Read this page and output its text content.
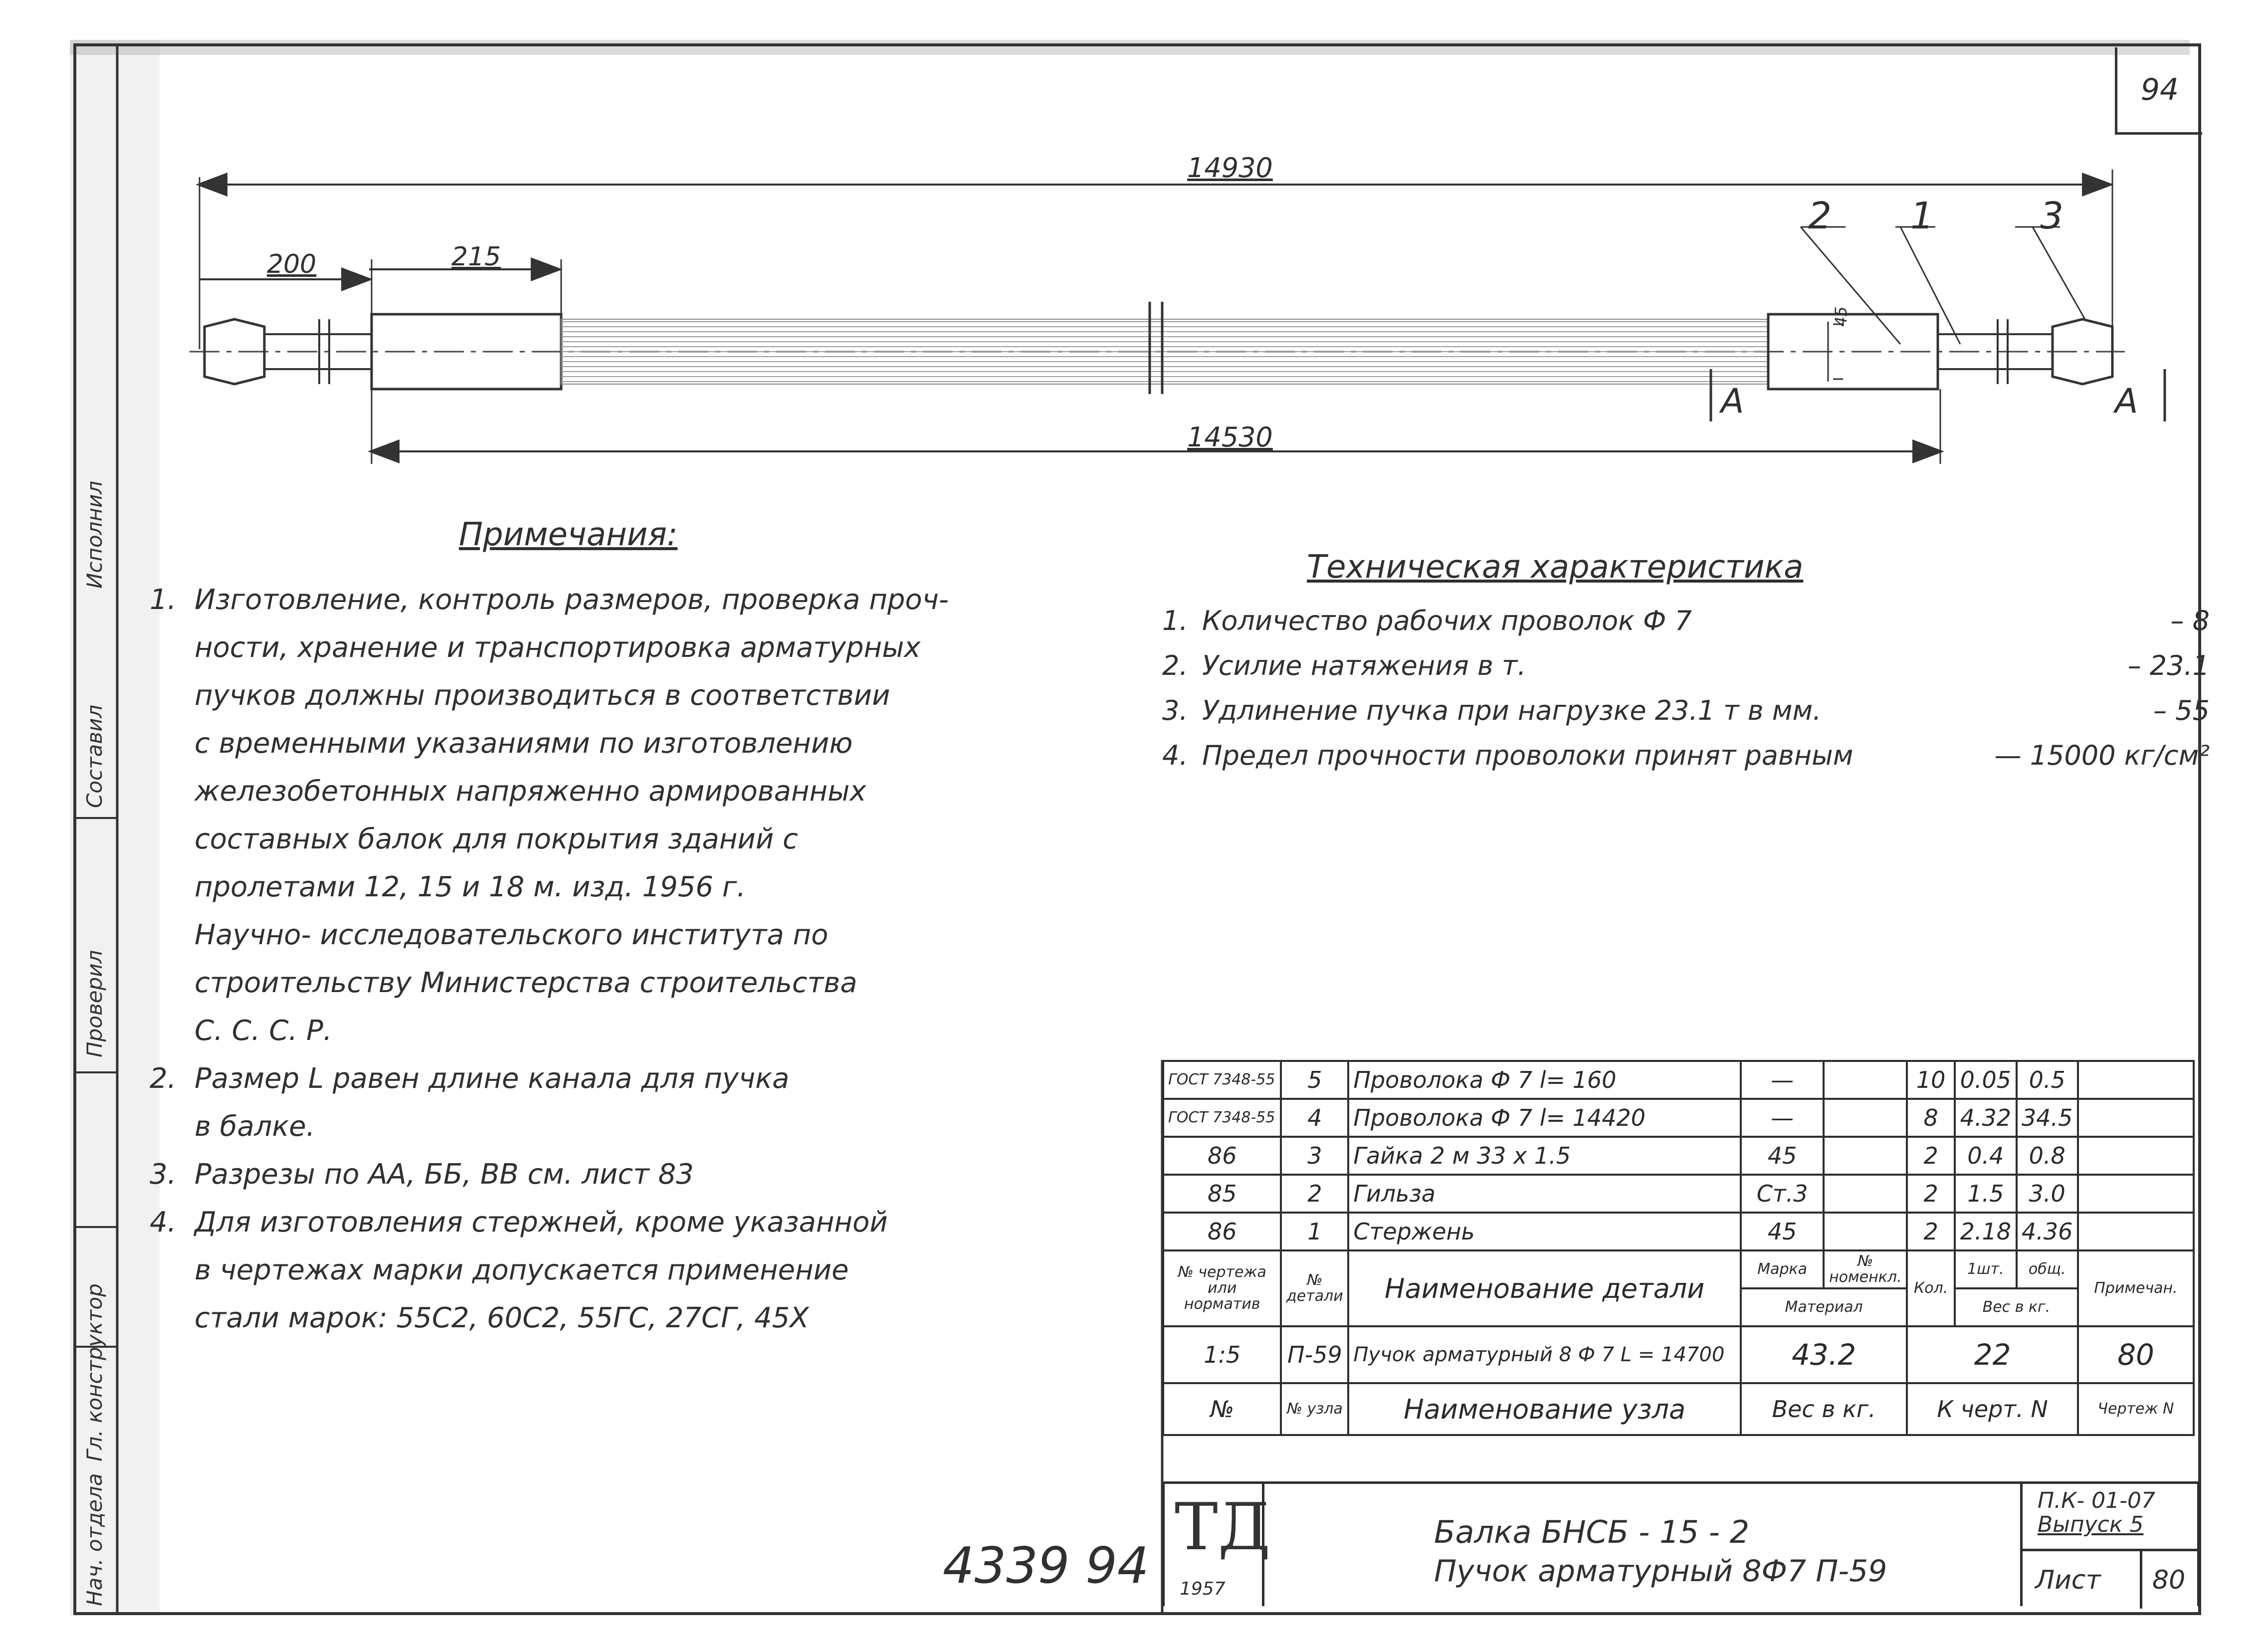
94
14930
200	215
14530
45
2 1	3
A	A
Примечания:
1. Изготовление, контроль размеров, проверка проч-
ности, хранение и транспортировка арматурных
пучков должны производиться в соответствии
с временными указаниями по изготовлению
железобетонных напряженно армированных
составных балок для покрытия зданий с
пролетами 12, 15 и 18 м. изд. 1956 г.
Научно- исследовательского института по
строительству Министерства строительства
С. С. С. Р.
2. Размер L равен длине канала для пучка
в балке.
3. Разрезы по АА, ББ, ВВ см. лист 83
4. Для изготовления стержней, кроме указанной
в чертежах марки допускается применение
стали марок: 55С2, 60С2, 55ГС, 27СГ, 45Х
Техническая характеристика
1. Количество рабочих проволок Ф 7	– 8
2. Усилие натяжения в т.	– 23.1
3. Удлинение пучка при нагрузке 23.1 т в мм.	– 55
4. Предел прочности проволоки принят равным	— 15000 кг/см²
ГОСТ 7348-55	5	Проволока Ф 7 l= 160	—		10	0.05	0.5	
ГОСТ 7348-55	4	Проволока Ф 7 l= 14420	—		8	4.32	34.5	
86	3	Гайка 2 м 33 х 1.5	45		2	0.4	0.8	
85	2	Гильза	Ст.3		2	1.5	3.0	
86	1	Стержень	45		2	2.18	4.36	
№ чертежа или норматив	№ детали	Наименование детали	Марка	№ номенкл.	Кол.	1шт.	общ.	Примечан.
			Материал			Вес в кг.		
1:5	П-59	Пучок арматурный 8 Ф 7 L = 14700	43.2		22			80
№	№ узла	Наименование узла	Вес в кг.		К черт. N			Чертеж N
ТД
1957
Балка БНСБ - 15 - 2
Пучок арматурный 8Ф7 П-59
П.К- 01-07
Выпуск 5
Лист 80
4339 94
Нач. отдела
Гл. конструктор
Проверил
Составил
Исполнил
